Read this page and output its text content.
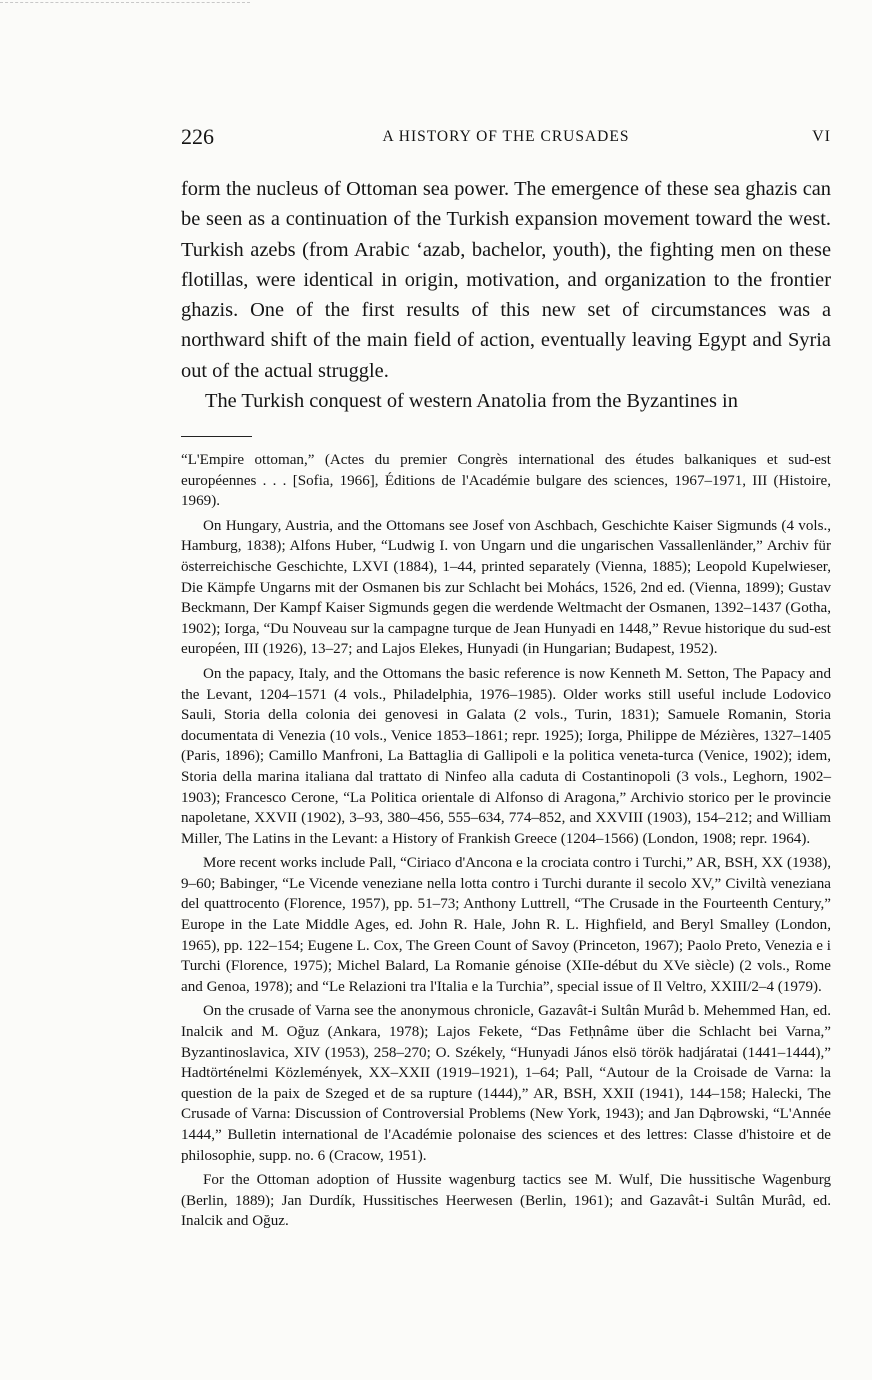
226	A HISTORY OF THE CRUSADES	VI

form the nucleus of Ottoman sea power. The emergence of these sea ghazis can be seen as a continuation of the Turkish expansion movement toward the west. Turkish azebs (from Arabic ‘azab, bachelor, youth), the fighting men on these flotillas, were identical in origin, motivation, and organization to the frontier ghazis. One of the first results of this new set of circumstances was a northward shift of the main field of action, eventually leaving Egypt and Syria out of the actual struggle.

The Turkish conquest of western Anatolia from the Byzantines in

“L'Empire ottoman,” (Actes du premier Congrès international des études balkaniques et sud-est européennes . . . [Sofia, 1966], Éditions de l'Académie bulgare des sciences, 1967–1971, III (Histoire, 1969).

On Hungary, Austria, and the Ottomans see Josef von Aschbach, Geschichte Kaiser Sigmunds (4 vols., Hamburg, 1838); Alfons Huber, “Ludwig I. von Ungarn und die ungarischen Vassallenländer,” Archiv für österreichische Geschichte, LXVI (1884), 1–44, printed separately (Vienna, 1885); Leopold Kupelwieser, Die Kämpfe Ungarns mit der Osmanen bis zur Schlacht bei Mohács, 1526, 2nd ed. (Vienna, 1899); Gustav Beckmann, Der Kampf Kaiser Sigmunds gegen die werdende Weltmacht der Osmanen, 1392–1437 (Gotha, 1902); Iorga, “Du Nouveau sur la campagne turque de Jean Hunyadi en 1448,” Revue historique du sud-est européen, III (1926), 13–27; and Lajos Elekes, Hunyadi (in Hungarian; Budapest, 1952).

On the papacy, Italy, and the Ottomans the basic reference is now Kenneth M. Setton, The Papacy and the Levant, 1204–1571 (4 vols., Philadelphia, 1976–1985). Older works still useful include Lodovico Sauli, Storia della colonia dei genovesi in Galata (2 vols., Turin, 1831); Samuele Romanin, Storia documentata di Venezia (10 vols., Venice 1853–1861; repr. 1925); Iorga, Philippe de Mézières, 1327–1405 (Paris, 1896); Camillo Manfroni, La Battaglia di Gallipoli e la politica veneta-turca (Venice, 1902); idem, Storia della marina italiana dal trattato di Ninfeo alla caduta di Costantinopoli (3 vols., Leghorn, 1902–1903); Francesco Cerone, “La Politica orientale di Alfonso di Aragona,” Archivio storico per le provincie napoletane, XXVII (1902), 3–93, 380–456, 555–634, 774–852, and XXVIII (1903), 154–212; and William Miller, The Latins in the Levant: a History of Frankish Greece (1204–1566) (London, 1908; repr. 1964).

More recent works include Pall, “Ciriaco d'Ancona e la crociata contro i Turchi,” AR, BSH, XX (1938), 9–60; Babinger, “Le Vicende veneziane nella lotta contro i Turchi durante il secolo XV,” Civiltà veneziana del quattrocento (Florence, 1957), pp. 51–73; Anthony Luttrell, “The Crusade in the Fourteenth Century,” Europe in the Late Middle Ages, ed. John R. Hale, John R. L. Highfield, and Beryl Smalley (London, 1965), pp. 122–154; Eugene L. Cox, The Green Count of Savoy (Princeton, 1967); Paolo Preto, Venezia e i Turchi (Florence, 1975); Michel Balard, La Romanie génoise (XIIe-début du XVe siècle) (2 vols., Rome and Genoa, 1978); and “Le Relazioni tra l'Italia e la Turchia”, special issue of Il Veltro, XXIII/2–4 (1979).

On the crusade of Varna see the anonymous chronicle, Gazavât-i Sultân Murâd b. Mehemmed Han, ed. Inalcik and M. Oğuz (Ankara, 1978); Lajos Fekete, “Das Fetḥnâme über die Schlacht bei Varna,” Byzantinoslavica, XIV (1953), 258–270; O. Székely, “Hunyadi János elsö török hadjáratai (1441–1444),” Hadtörténelmi Közlemények, XX–XXII (1919–1921), 1–64; Pall, “Autour de la Croisade de Varna: la question de la paix de Szeged et de sa rupture (1444),” AR, BSH, XXII (1941), 144–158; Halecki, The Crusade of Varna: Discussion of Controversial Problems (New York, 1943); and Jan Dąbrowski, “L'Année 1444,” Bulletin international de l'Académie polonaise des sciences et des lettres: Classe d'histoire et de philosophie, supp. no. 6 (Cracow, 1951).

For the Ottoman adoption of Hussite wagenburg tactics see M. Wulf, Die hussitische Wagenburg (Berlin, 1889); Jan Durdík, Hussitisches Heerwesen (Berlin, 1961); and Gazavât-i Sultân Murâd, ed. Inalcik and Oğuz.
